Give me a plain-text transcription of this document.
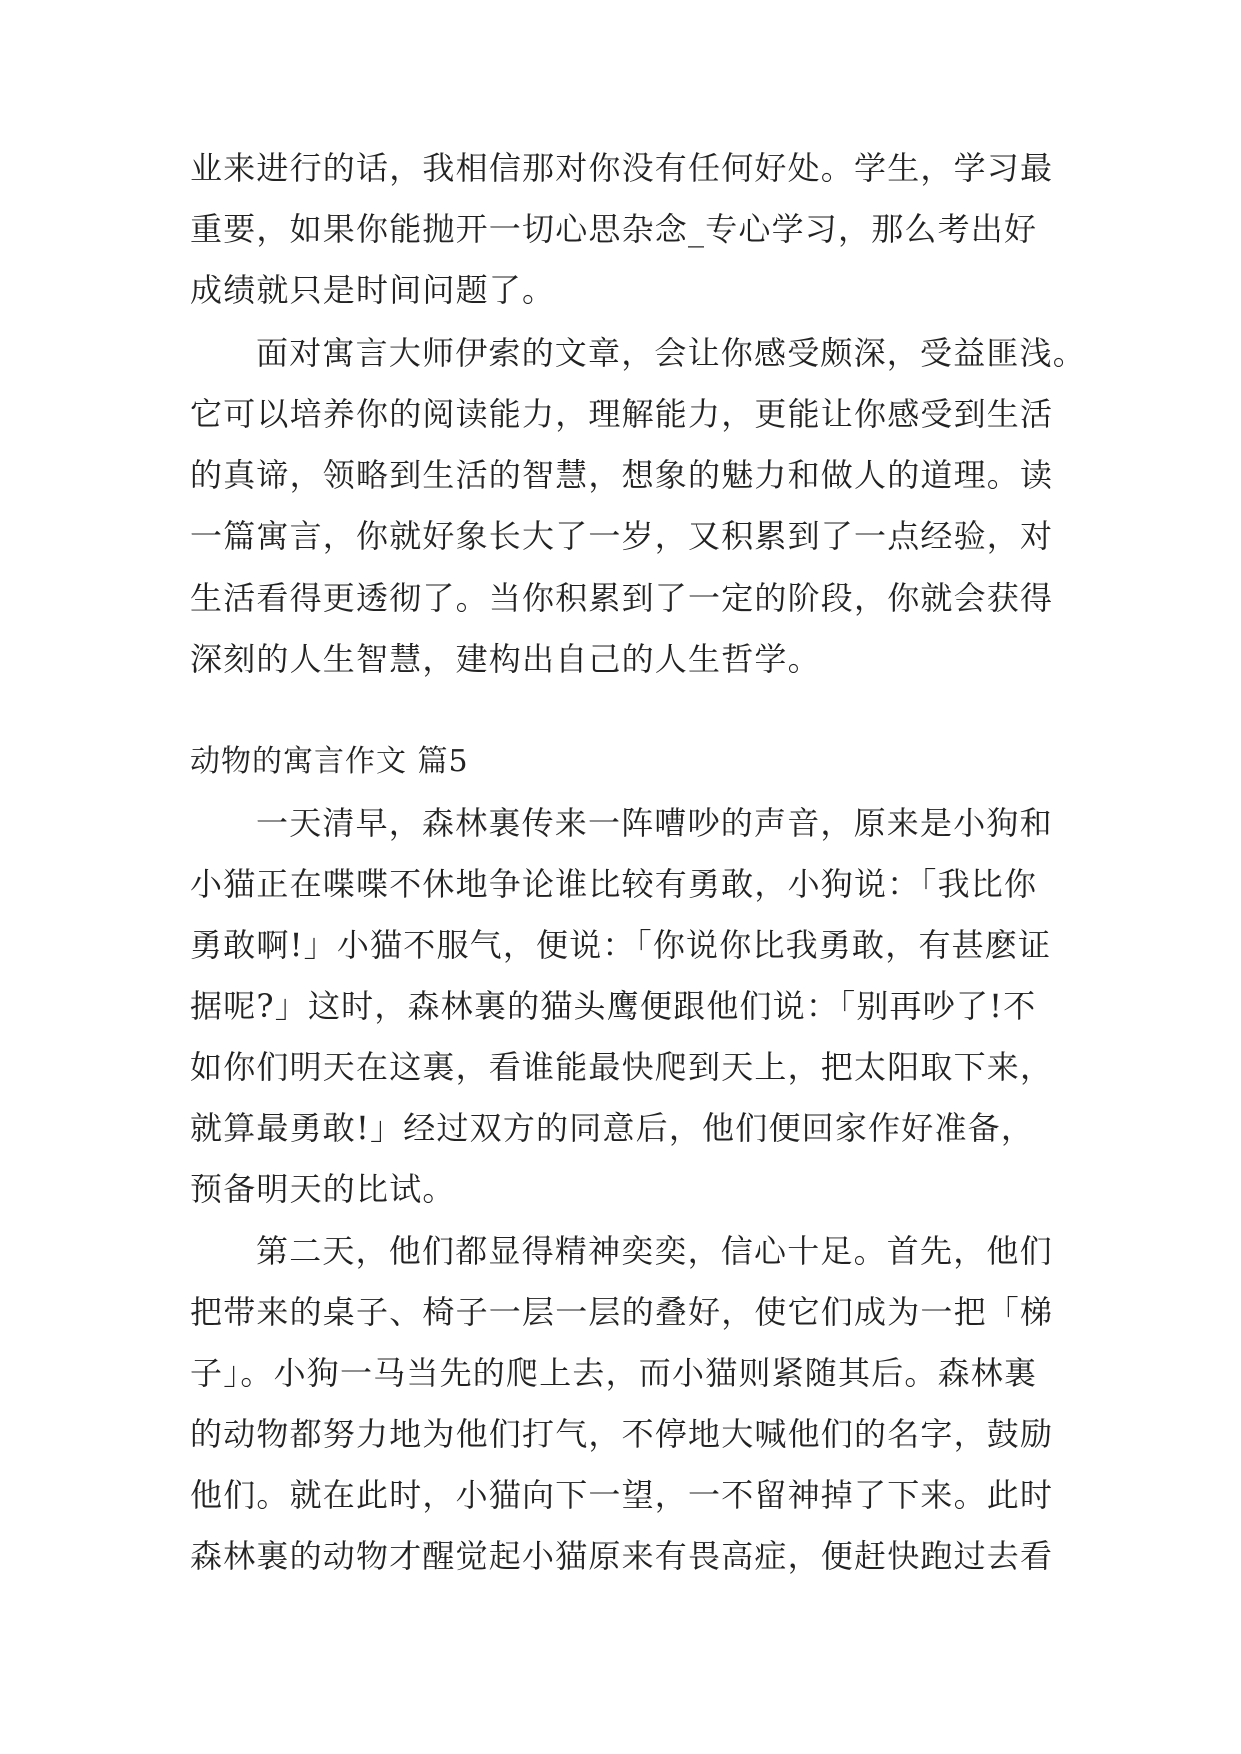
业来进行的话，我相信那对你没有任何好处。学生，学习最
重要，如果你能抛开一切心思杂念_专心学习，那么考出好
成绩就只是时间问题了。
面对寓言大师伊索的文章，会让你感受颇深，受益匪浅。
它可以培养你的阅读能力，理解能力，更能让你感受到生活
的真谛，领略到生活的智慧，想象的魅力和做人的道理。读
一篇寓言，你就好象长大了一岁，又积累到了一点经验，对
生活看得更透彻了。当你积累到了一定的阶段，你就会获得
深刻的人生智慧，建构出自己的人生哲学。
动物的寓言作文 篇5
一天清早，森林裏传来一阵嘈吵的声音，原来是小狗和
小猫正在喋喋不休地争论谁比较有勇敢，小狗说：「我比你
勇敢啊!」小猫不服气，便说：「你说你比我勇敢，有甚麽证
据呢?」这时，森林裏的猫头鹰便跟他们说：「别再吵了!不
如你们明天在这裏，看谁能最快爬到天上，把太阳取下来，
就算最勇敢!」经过双方的同意后，他们便回家作好准备，
预备明天的比试。
第二天，他们都显得精神奕奕，信心十足。首先，他们
把带来的桌子、椅子一层一层的叠好，使它们成为一把「梯
子」。小狗一马当先的爬上去，而小猫则紧随其后。森林裏
的动物都努力地为他们打气，不停地大喊他们的名字，鼓励
他们。就在此时，小猫向下一望，一不留神掉了下来。此时
森林裏的动物才醒觉起小猫原来有畏高症，便赶快跑过去看
